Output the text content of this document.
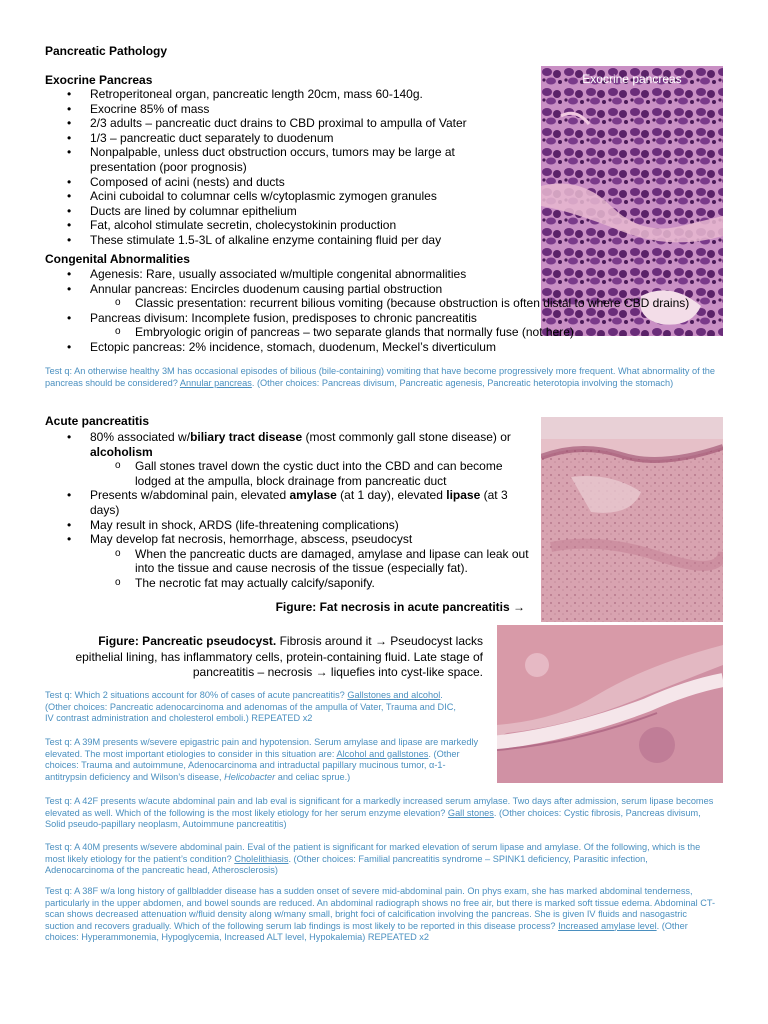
Pancreatic Pathology
Exocrine Pancreas
• Retroperitoneal organ, pancreatic length 20cm, mass 60-140g.
• Exocrine 85% of mass
• 2/3 adults – pancreatic duct drains to CBD proximal to ampulla of Vater
• 1/3 – pancreatic duct separately to duodenum
• Nonpalpable, unless duct obstruction occurs, tumors may be large at presentation (poor prognosis)
• Composed of acini (nests) and ducts
• Acini cuboidal to columnar cells w/cytoplasmic zymogen granules
• Ducts are lined by columnar epithelium
• Fat, alcohol stimulate secretin, cholecystokinin production
• These stimulate 1.5-3L of alkaline enzyme containing fluid per day
Exocrine pancreas
Congenital Abnormalities
• Agenesis: Rare, usually associated w/multiple congenital abnormalities
• Annular pancreas: Encircles duodenum causing partial obstruction
o Classic presentation: recurrent bilious vomiting (because obstruction is often distal to where CBD drains)
• Pancreas divisum: Incomplete fusion, predisposes to chronic pancreatitis
o Embryologic origin of pancreas – two separate glands that normally fuse (not here)
• Ectopic pancreas: 2% incidence, stomach, duodenum, Meckel’s diverticulum
Test q: An otherwise healthy 3M has occasional episodes of bilious (bile-containing) vomiting that have become progressively more frequent. What abnormality of the pancreas should be considered? Annular pancreas. (Other choices: Pancreas divisum, Pancreatic agenesis, Pancreatic heterotopia involving the stomach)
Acute pancreatitis
• 80% associated w/biliary tract disease (most commonly gall stone disease) or alcoholism
o Gall stones travel down the cystic duct into the CBD and can become lodged at the ampulla, block drainage from pancreatic duct
• Presents w/abdominal pain, elevated amylase (at 1 day), elevated lipase (at 3 days)
• May result in shock, ARDS (life-threatening complications)
• May develop fat necrosis, hemorrhage, abscess, pseudocyst
o When the pancreatic ducts are damaged, amylase and lipase can leak out into the tissue and cause necrosis of the tissue (especially fat).
o The necrotic fat may actually calcify/saponify.
Figure: Fat necrosis in acute pancreatitis →
Figure: Pancreatic pseudocyst. Fibrosis around it → Pseudocyst lacks epithelial lining, has inflammatory cells, protein-containing fluid. Late stage of pancreatitis – necrosis → liquefies into cyst-like space.
Test q: Which 2 situations account for 80% of cases of acute pancreatitis? Gallstones and alcohol. (Other choices: Pancreatic adenocarcinoma and adenomas of the ampulla of Vater, Trauma and DIC, IV contrast administration and cholesterol emboli.) REPEATED x2
Test q: A 39M presents w/severe epigastric pain and hypotension. Serum amylase and lipase are markedly elevated. The most important etiologies to consider in this situation are: Alcohol and gallstones. (Other choices: Trauma and autoimmune, Adenocarcinoma and intraductal papillary mucinous tumor, α-1-antitrypsin deficiency and Wilson’s disease, Helicobacter and celiac sprue.)
Test q: A 42F presents w/acute abdominal pain and lab eval is significant for a markedly increased serum amylase. Two days after admission, serum lipase becomes elevated as well. Which of the following is the most likely etiology for her serum enzyme elevation? Gall stones. (Other choices: Cystic fibrosis, Pancreas divisum, Solid pseudo-papillary neoplasm, Autoimmune pancreatitis)
Test q: A 40M presents w/severe abdominal pain. Eval of the patient is significant for marked elevation of serum lipase and amylase. Of the following, which is the most likely etiology for the patient’s condition? Cholelithiasis. (Other choices: Familial pancreatitis syndrome – SPINK1 deficiency, Parasitic infection, Adenocarcinoma of the pancreatic head, Atherosclerosis)
Test q: A 38F w/a long history of gallbladder disease has a sudden onset of severe mid-abdominal pain. On phys exam, she has marked abdominal tenderness, particularly in the upper abdomen, and bowel sounds are reduced. An abdominal radiograph shows no free air, but there is marked soft tissue edema. Abdominal CT-scan shows decreased attenuation w/fluid density along w/many small, bright foci of calcification involving the pancreas. She is given IV fluids and nasogastric suction and recovers gradually. Which of the following serum lab findings is most likely to be reported in this disease process? Increased amylase level. (Other choices: Hyperammonemia, Hypoglycemia, Increased ALT level, Hypokalemia) REPEATED x2
